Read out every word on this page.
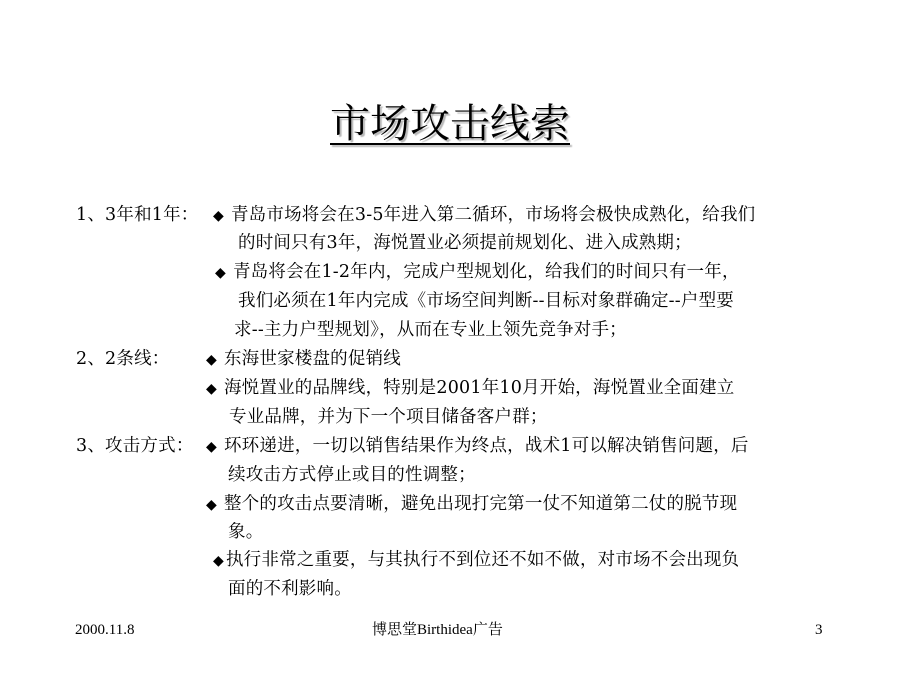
市场攻击线索
1、3年和1年： ◆ 青岛市场将会在3-5年进入第二循环，市场将会极快成熟化，给我们
的时间只有3年，海悦置业必须提前规划化、进入成熟期；
◆ 青岛将会在1-2年内，完成户型规划化，给我们的时间只有一年，
我们必须在1年内完成《市场空间判断--目标对象群确定--户型要
求--主力户型规划》，从而在专业上领先竞争对手；
2、2条线：	◆ 东海世家楼盘的促销线
◆ 海悦置业的品牌线，特别是2001年10月开始，海悦置业全面建立
专业品牌，并为下一个项目储备客户群；
3、攻击方式： ◆ 环环递进，一切以销售结果作为终点，战术1可以解决销售问题，后
续攻击方式停止或目的性调整；
◆ 整个的攻击点要清晰，避免出现打完第一仗不知道第二仗的脱节现
象。
◆ 执行非常之重要，与其执行不到位还不如不做，对市场不会出现负
面的不利影响。
2000.11.8	博思堂Birthidea广告	3
